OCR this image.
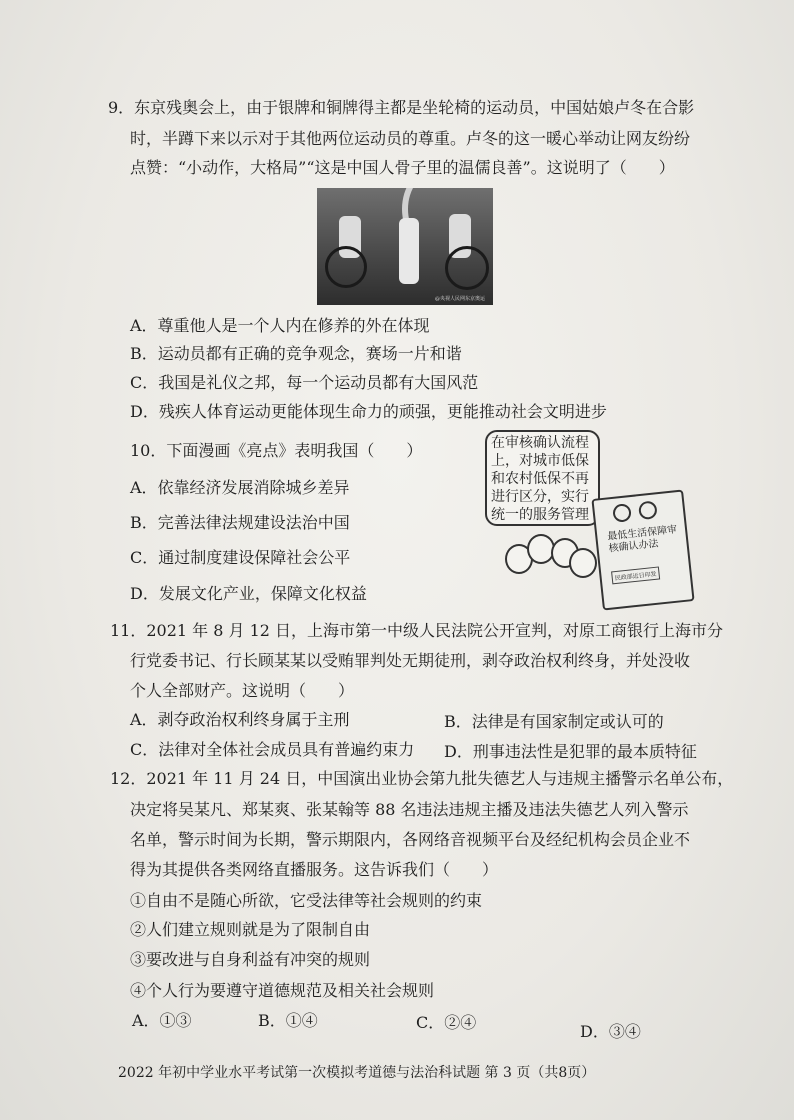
9．东京残奥会上，由于银牌和铜牌得主都是坐轮椅的运动员，中国姑娘卢冬在合影
时，半蹲下来以示对于其他两位运动员的尊重。卢冬的这一暖心举动让网友纷纷
点赞：“小动作，大格局”“这是中国人骨子里的温儒良善”。这说明了（　　）
@央视人民网东京奥运
A．尊重他人是一个人内在修养的外在体现
B．运动员都有正确的竞争观念，赛场一片和谐
C．我国是礼仪之邦，每一个运动员都有大国风范
D．残疾人体育运动更能体现生命力的顽强，更能推动社会文明进步
10．下面漫画《亮点》表明我国（　　）
A．依靠经济发展消除城乡差异
B．完善法律法规建设法治中国
C．通过制度建设保障社会公平
D．发展文化产业，保障文化权益
在审核确认流程上，对城市低保和农村低保不再进行区分，实行统一的服务管理
最低生活保障审核确认办法
民政部近日印发
11．2021 年 8 月 12 日，上海市第一中级人民法院公开宣判，对原工商银行上海市分
行党委书记、行长顾某某以受贿罪判处无期徒刑，剥夺政治权利终身，并处没收
个人全部财产。这说明（　　）
A．剥夺政治权利终身属于主刑	B．法律是有国家制定或认可的
C．法律对全体社会成员具有普遍约束力 D．刑事违法性是犯罪的最本质特征
12．2021 年 11 月 24 日，中国演出业协会第九批失德艺人与违规主播警示名单公布，
决定将吴某凡、郑某爽、张某翰等 88 名违法违规主播及违法失德艺人列入警示
名单，警示时间为长期，警示期限内，各网络音视频平台及经纪机构会员企业不
得为其提供各类网络直播服务。这告诉我们（　　）
①自由不是随心所欲，它受法律等社会规则的约束
②人们建立规则就是为了限制自由
③要改进与自身利益有冲突的规则
④个人行为要遵守道德规范及相关社会规则
A．①③	B．①④	C．②④	D．③④
2022 年初中学业水平考试第一次模拟考道德与法治科试题 第 3 页（共8页）
